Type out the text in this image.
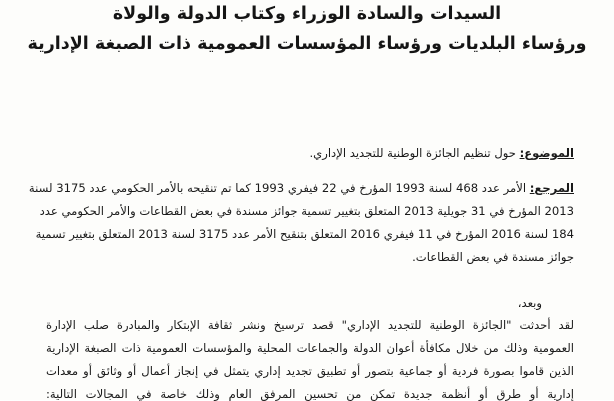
السيدات والسادة الوزراء وكتاب الدولة والولاة
ورؤساء البلديات ورؤساء المؤسسات العمومية ذات الصبغة الإدارية
الموضوع: حول تنظيم الجائزة الوطنية للتجديد الإداري.
المرجع: الأمر عدد 468 لسنة 1993 المؤرخ في 22 فيفري 1993 كما تم تنقيحه بالأمر الحكومي عدد 3175 لسنة
2013 المؤرخ في 31 جويلية 2013 المتعلق بتغيير تسمية جوائز مسندة في بعض القطاعات والأمر الحكومي عدد
184 لسنة 2016 المؤرخ في 11 فيفري 2016 المتعلق بتنقيح الأمر عدد 3175 لسنة 2013 المتعلق بتغيير تسمية
جوائز مسندة في بعض القطاعات.
وبعد،
لقد أحدثت "الجائزة الوطنية للتجديد الإداري" قصد ترسيخ ونشر ثقافة الإبتكار والمبادرة صلب الإدارة
العمومية وذلك من خلال مكافأة أعوان الدولة والجماعات المحلية والمؤسسات العمومية ذات الصبغة الإدارية
الذين قاموا بصورة فردية أو جماعية بتصور أو تطبيق تجديد إداري يتمثل في إنجاز أعمال أو وثائق أو معدات
إدارية أو طرق أو أنظمة جديدة تمكن من تحسين المرفق العام وذلك خاصة في المجالات التالية:
